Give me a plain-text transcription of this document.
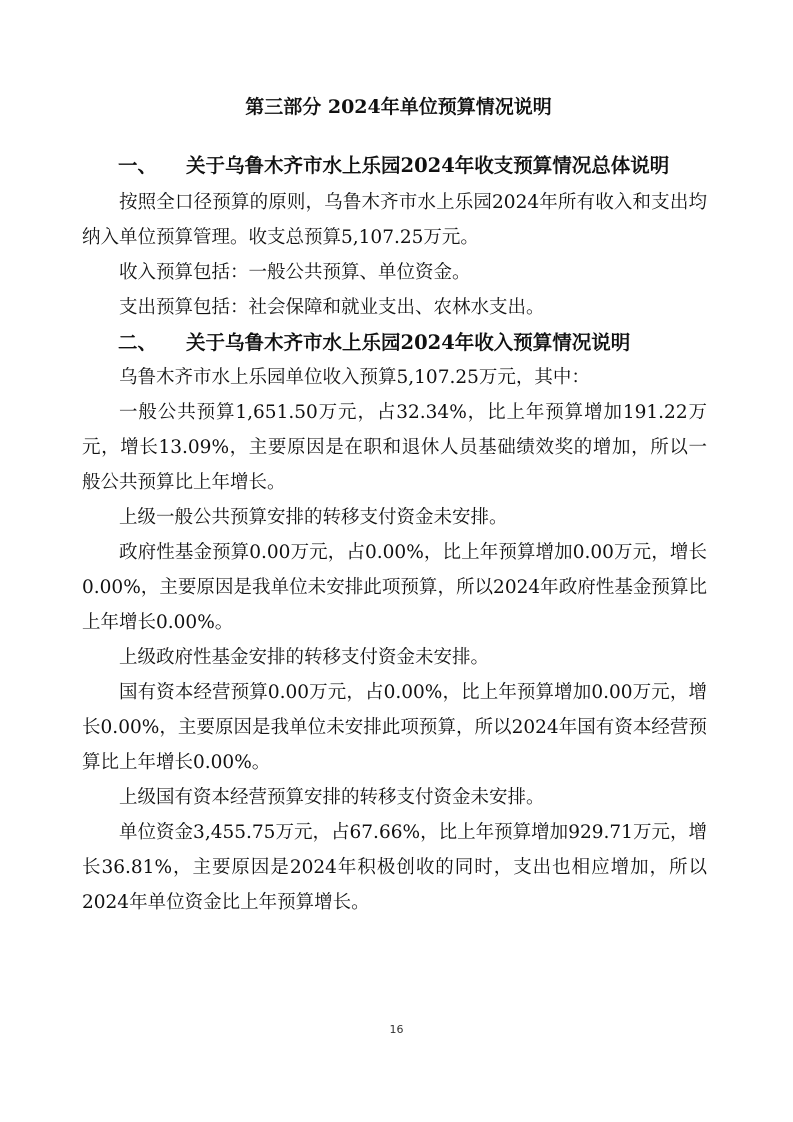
第三部分 2024年单位预算情况说明
一、 关于乌鲁木齐市水上乐园2024年收支预算情况总体说明

按照全口径预算的原则，乌鲁木齐市水上乐园2024年所有收入和支出均纳入单位预算管理。收支总预算5,107.25万元。

收入预算包括：一般公共预算、单位资金。

支出预算包括：社会保障和就业支出、农林水支出。

二、 关于乌鲁木齐市水上乐园2024年收入预算情况说明

乌鲁木齐市水上乐园单位收入预算5,107.25万元，其中：

一般公共预算1,651.50万元，占32.34%，比上年预算增加191.22万元，增长13.09%，主要原因是在职和退休人员基础绩效奖的增加，所以一般公共预算比上年增长。

上级一般公共预算安排的转移支付资金未安排。

政府性基金预算0.00万元，占0.00%，比上年预算增加0.00万元，增长0.00%，主要原因是我单位未安排此项预算，所以2024年政府性基金预算比上年增长0.00%。

上级政府性基金安排的转移支付资金未安排。

国有资本经营预算0.00万元，占0.00%，比上年预算增加0.00万元，增长0.00%，主要原因是我单位未安排此项预算，所以2024年国有资本经营预算比上年增长0.00%。

上级国有资本经营预算安排的转移支付资金未安排。

单位资金3,455.75万元，占67.66%，比上年预算增加929.71万元，增长36.81%，主要原因是2024年积极创收的同时，支出也相应增加，所以2024年单位资金比上年预算增长。

16
